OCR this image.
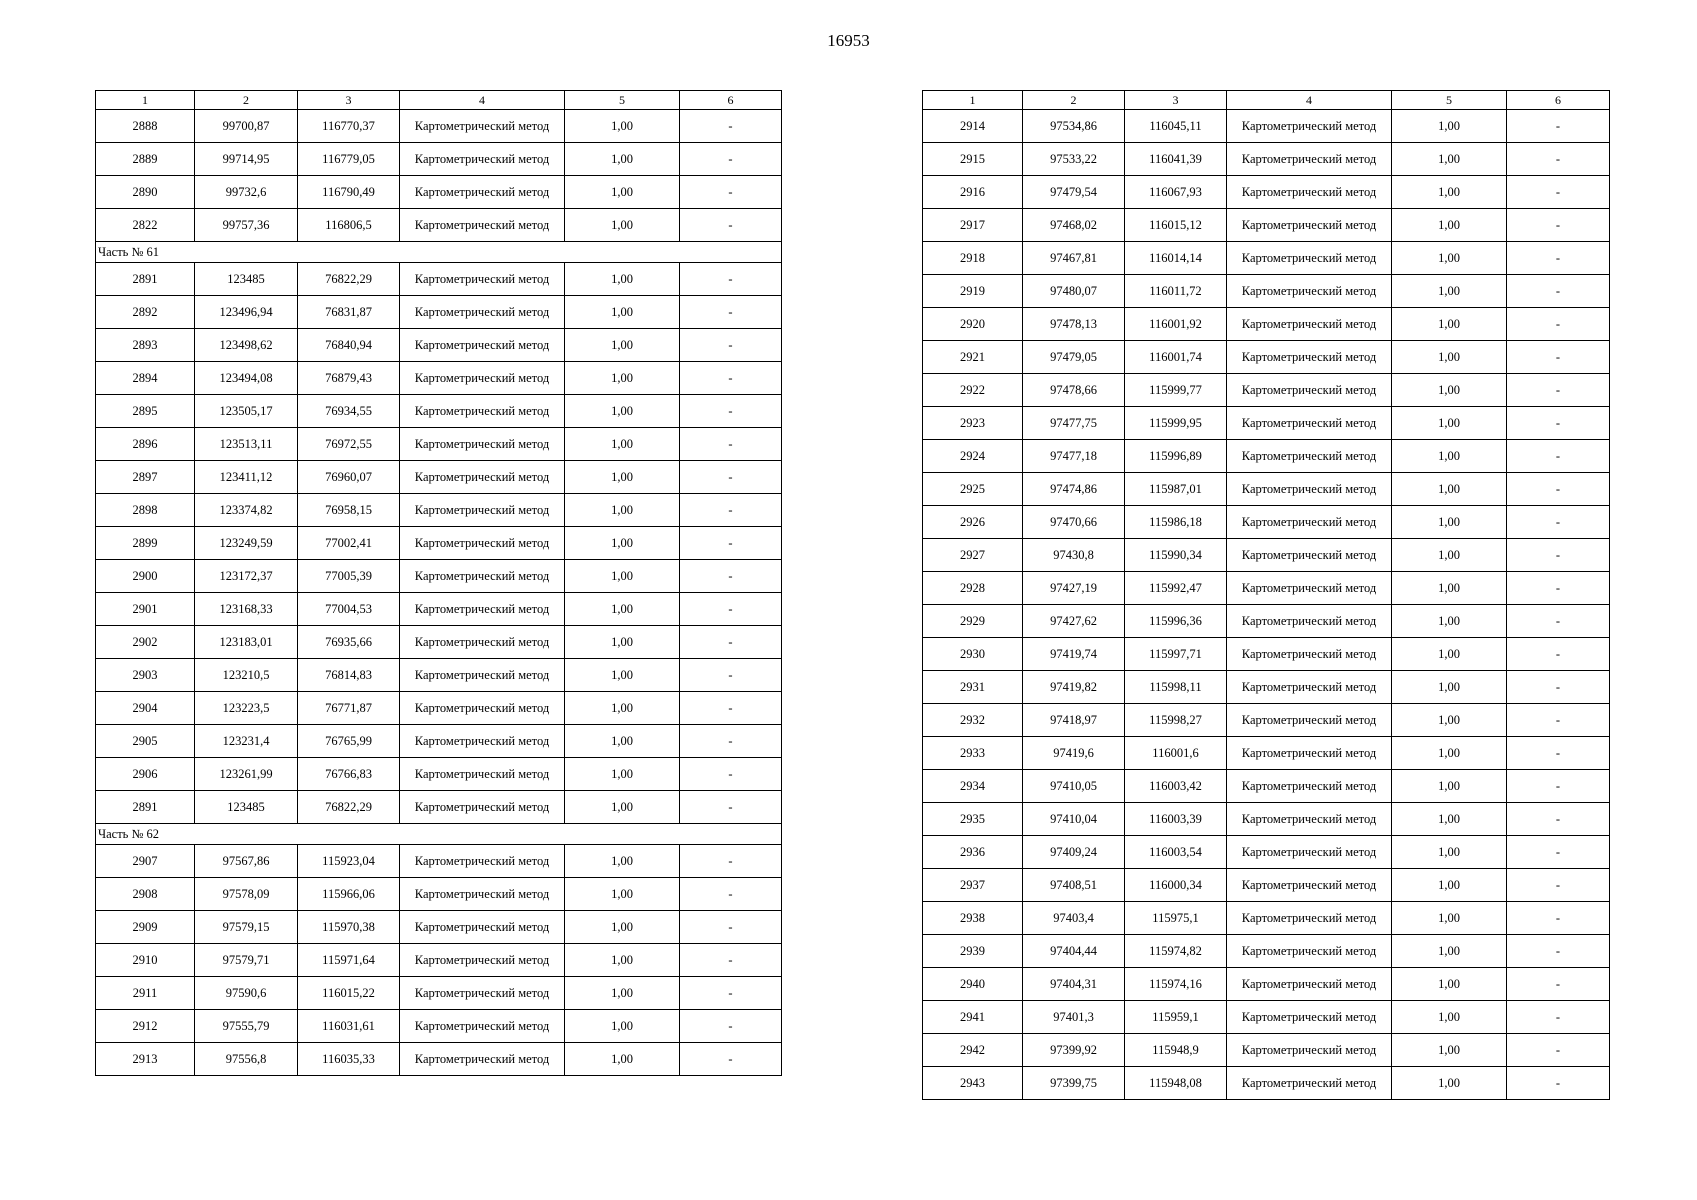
16953
1	2	3	4	5	6
2888	99700,87	116770,37	Картометрический метод	1,00	-
2889	99714,95	116779,05	Картометрический метод	1,00	-
2890	99732,6	116790,49	Картометрический метод	1,00	-
2822	99757,36	116806,5	Картометрический метод	1,00	-
Часть № 61					
2891	123485	76822,29	Картометрический метод	1,00	-
2892	123496,94	76831,87	Картометрический метод	1,00	-
2893	123498,62	76840,94	Картометрический метод	1,00	-
2894	123494,08	76879,43	Картометрический метод	1,00	-
2895	123505,17	76934,55	Картометрический метод	1,00	-
2896	123513,11	76972,55	Картометрический метод	1,00	-
2897	123411,12	76960,07	Картометрический метод	1,00	-
2898	123374,82	76958,15	Картометрический метод	1,00	-
2899	123249,59	77002,41	Картометрический метод	1,00	-
2900	123172,37	77005,39	Картометрический метод	1,00	-
2901	123168,33	77004,53	Картометрический метод	1,00	-
2902	123183,01	76935,66	Картометрический метод	1,00	-
2903	123210,5	76814,83	Картометрический метод	1,00	-
2904	123223,5	76771,87	Картометрический метод	1,00	-
2905	123231,4	76765,99	Картометрический метод	1,00	-
2906	123261,99	76766,83	Картометрический метод	1,00	-
2891	123485	76822,29	Картометрический метод	1,00	-
Часть № 62					
2907	97567,86	115923,04	Картометрический метод	1,00	-
2908	97578,09	115966,06	Картометрический метод	1,00	-
2909	97579,15	115970,38	Картометрический метод	1,00	-
2910	97579,71	115971,64	Картометрический метод	1,00	-
2911	97590,6	116015,22	Картометрический метод	1,00	-
2912	97555,79	116031,61	Картометрический метод	1,00	-
2913	97556,8	116035,33	Картометрический метод	1,00	-
1	2	3	4	5	6
2914	97534,86	116045,11	Картометрический метод	1,00	-
2915	97533,22	116041,39	Картометрический метод	1,00	-
2916	97479,54	116067,93	Картометрический метод	1,00	-
2917	97468,02	116015,12	Картометрический метод	1,00	-
2918	97467,81	116014,14	Картометрический метод	1,00	-
2919	97480,07	116011,72	Картометрический метод	1,00	-
2920	97478,13	116001,92	Картометрический метод	1,00	-
2921	97479,05	116001,74	Картометрический метод	1,00	-
2922	97478,66	115999,77	Картометрический метод	1,00	-
2923	97477,75	115999,95	Картометрический метод	1,00	-
2924	97477,18	115996,89	Картометрический метод	1,00	-
2925	97474,86	115987,01	Картометрический метод	1,00	-
2926	97470,66	115986,18	Картометрический метод	1,00	-
2927	97430,8	115990,34	Картометрический метод	1,00	-
2928	97427,19	115992,47	Картометрический метод	1,00	-
2929	97427,62	115996,36	Картометрический метод	1,00	-
2930	97419,74	115997,71	Картометрический метод	1,00	-
2931	97419,82	115998,11	Картометрический метод	1,00	-
2932	97418,97	115998,27	Картометрический метод	1,00	-
2933	97419,6	116001,6	Картометрический метод	1,00	-
2934	97410,05	116003,42	Картометрический метод	1,00	-
2935	97410,04	116003,39	Картометрический метод	1,00	-
2936	97409,24	116003,54	Картометрический метод	1,00	-
2937	97408,51	116000,34	Картометрический метод	1,00	-
2938	97403,4	115975,1	Картометрический метод	1,00	-
2939	97404,44	115974,82	Картометрический метод	1,00	-
2940	97404,31	115974,16	Картометрический метод	1,00	-
2941	97401,3	115959,1	Картометрический метод	1,00	-
2942	97399,92	115948,9	Картометрический метод	1,00	-
2943	97399,75	115948,08	Картометрический метод	1,00	-
